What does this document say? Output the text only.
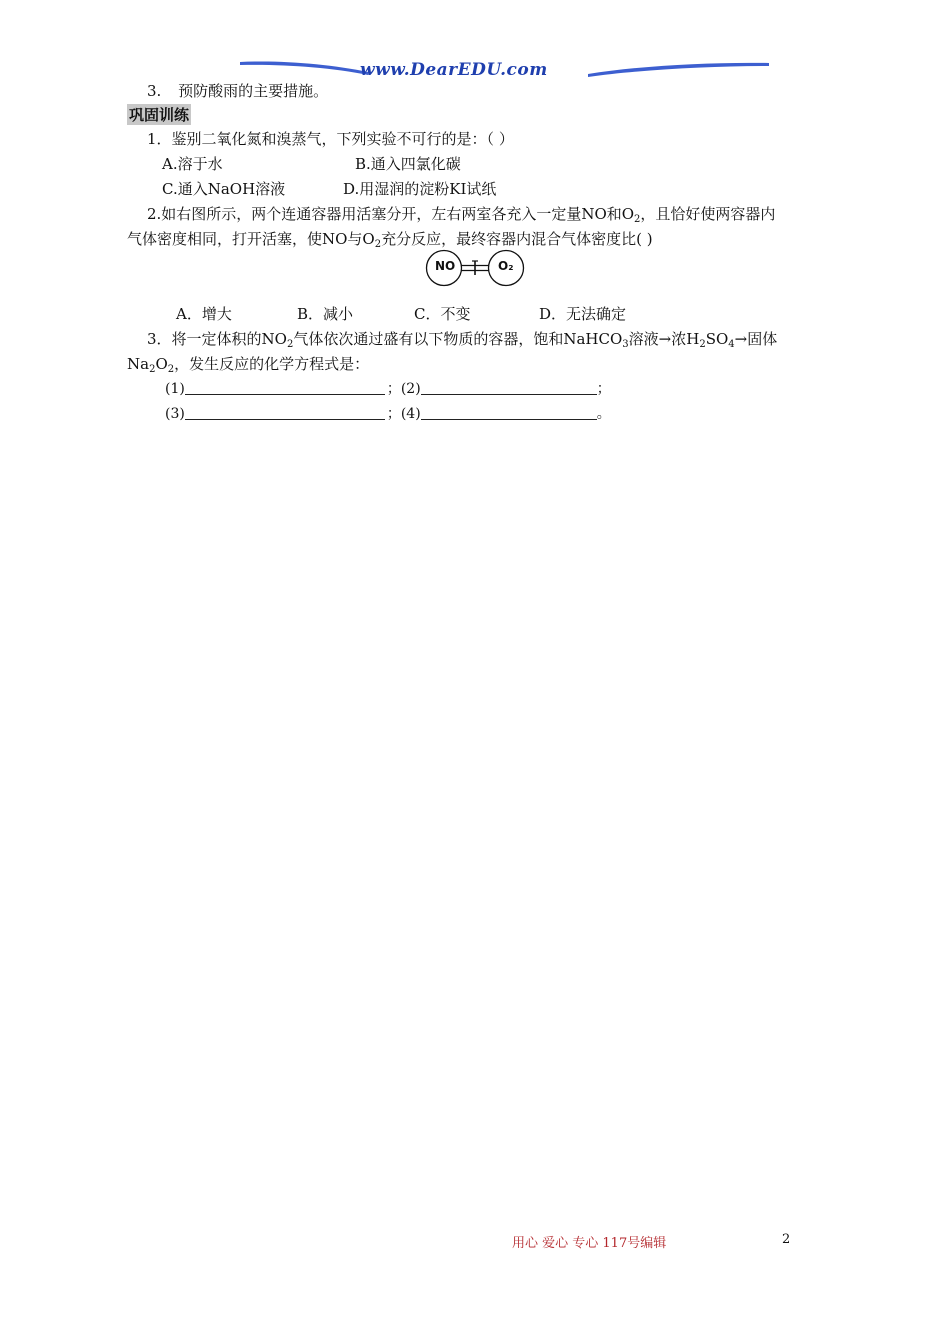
www.DearEDU.com
3. 预防酸雨的主要措施。
巩固训练
1．鉴别二氧化氮和溴蒸气，下列实验不可行的是：（ ）
A.溶于水	B.通入四氯化碳
C.通入NaOH溶液	D.用湿润的淀粉KI试纸
2.如右图所示，两个连通容器用活塞分开，左右两室各充入一定量NO和$O_2$，且恰好使两容器内
气体密度相同，打开活塞，使NO与$O_2$充分反应，最终容器内混合气体密度比( )
NO	O₂
A．增大	B．减小	C．不变	D．无法确定
3．将一定体积的$NO_2$气体依次通过盛有以下物质的容器，饱和NaHCO$_3$溶液→浓$H_2SO_4\to$固体
$Na_2O_2$，发生反应的化学方程式是：
(1)	；(2)	；
(3)	；(4)	。
用心 爱心 专心 117号编辑	2
